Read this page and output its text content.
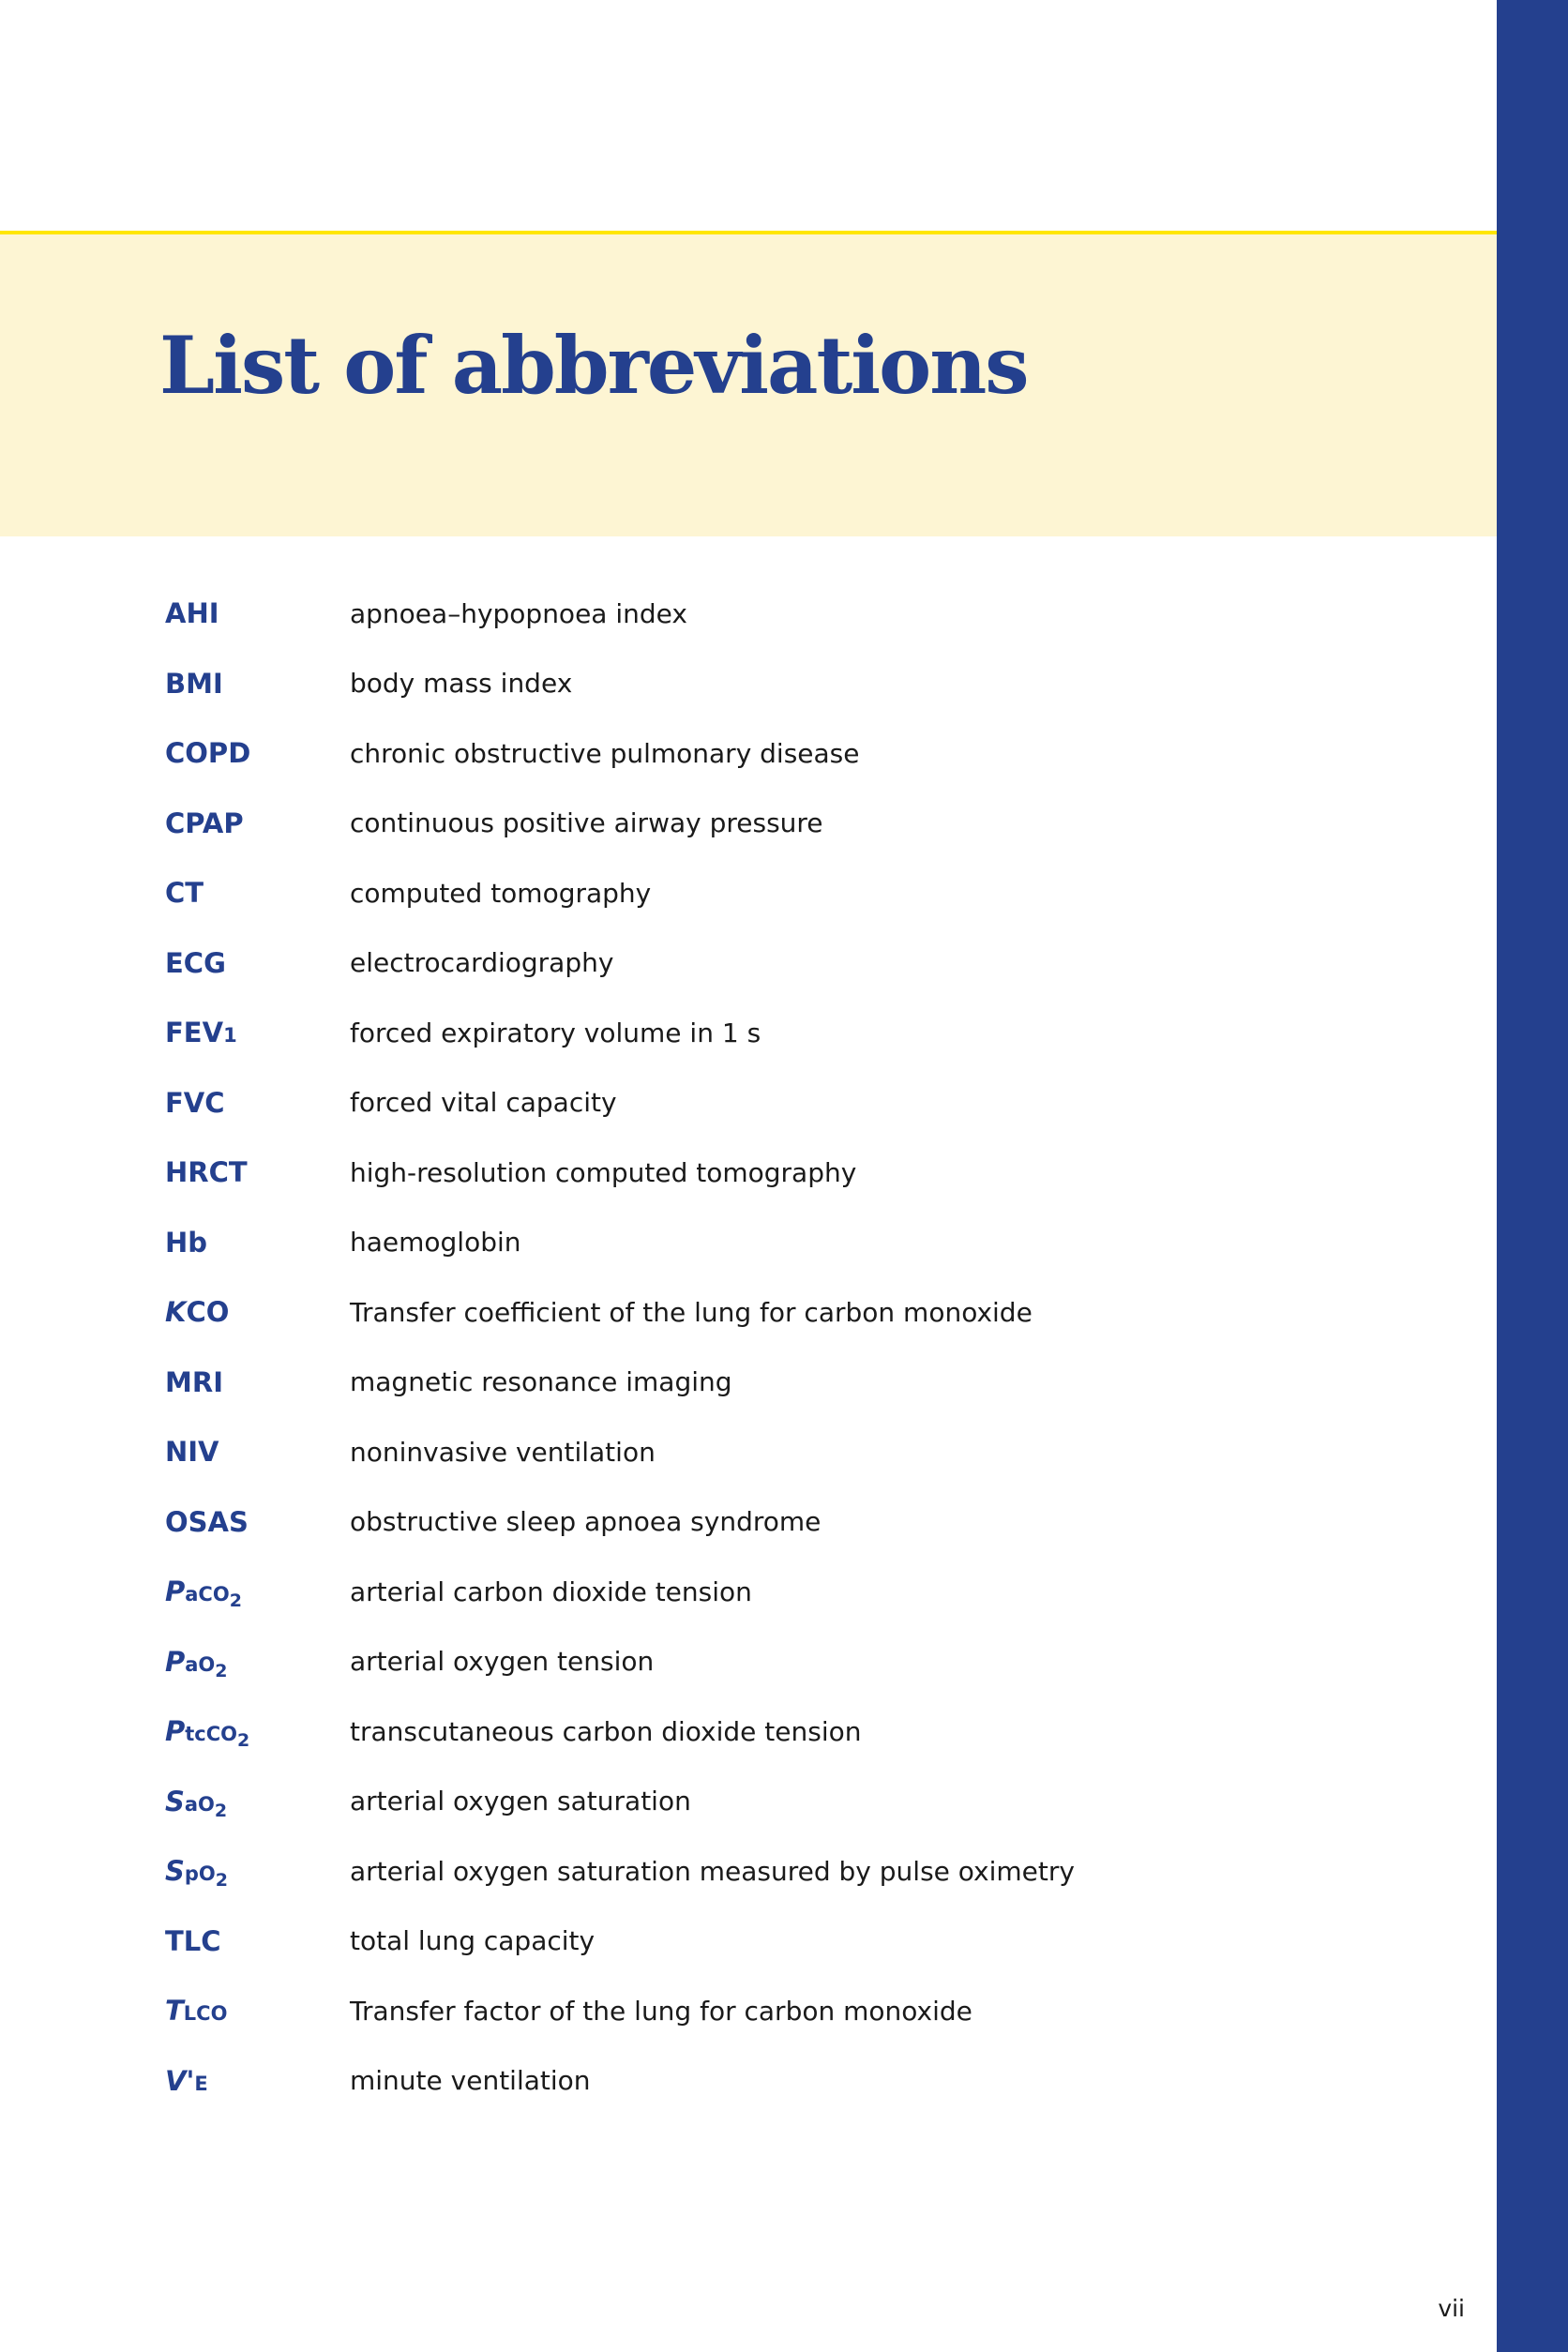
List of abbreviations
AHI	apnoea–hypopnoea index
BMI	body mass index
COPD	chronic obstructive pulmonary disease
CPAP	continuous positive airway pressure
CT	computed tomography
ECG	electrocardiography
FEV1	forced expiratory volume in 1 s
FVC	forced vital capacity
HRCT	high-resolution computed tomography
Hb	haemoglobin
KCO	Transfer coefficient of the lung for carbon monoxide
MRI	magnetic resonance imaging
NIV	noninvasive ventilation
OSAS	obstructive sleep apnoea syndrome
PaCO$_2$	arterial carbon dioxide tension
PaO$_2$	arterial oxygen tension
PtcCO$_2$	transcutaneous carbon dioxide tension
SaO$_2$	arterial oxygen saturation
SpO$_2$	arterial oxygen saturation measured by pulse oximetry
TLC	total lung capacity
TLCO	Transfer factor of the lung for carbon monoxide
V'E	minute ventilation
vii
